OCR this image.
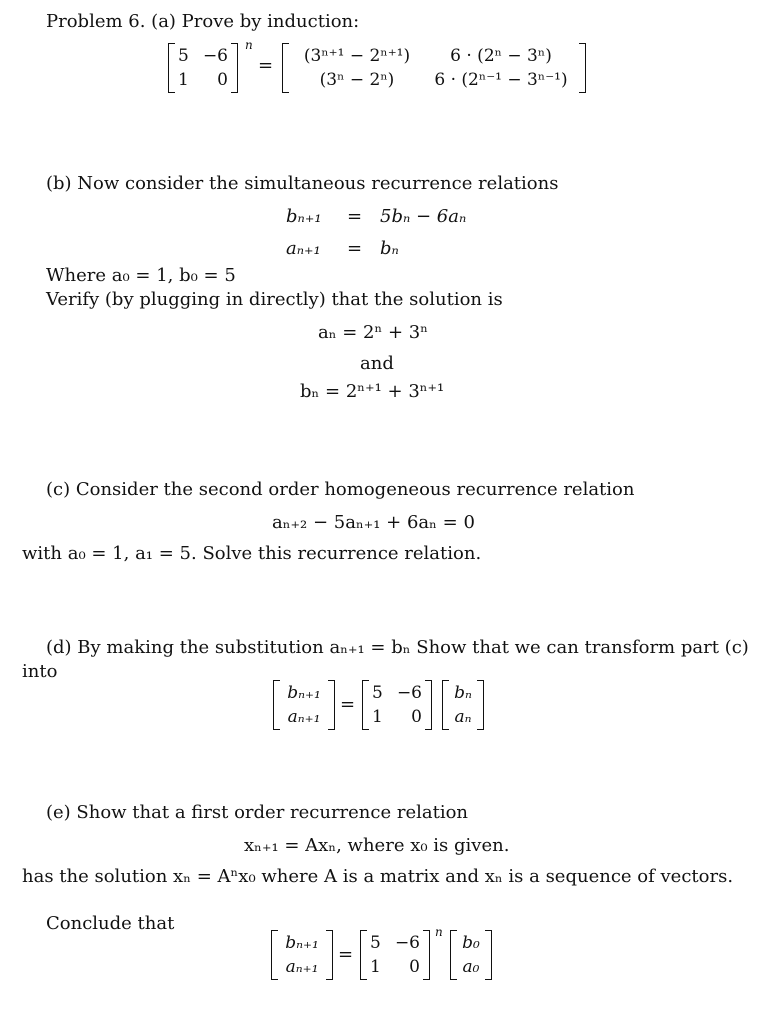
Problem 6. (a) Prove by induction:
5 −6
1	0
n
=	(3ⁿ⁺¹ − 2ⁿ⁺¹)	6 · (2ⁿ − 3ⁿ)
(3ⁿ − 2ⁿ)	6 · (2ⁿ⁻¹ − 3ⁿ⁻¹)
(b) Now consider the simultaneous recurrence relations
bₙ₊₁ = 5bₙ − 6aₙ
aₙ₊₁ = bₙ
Where a₀ = 1, b₀ = 5
Verify (by plugging in directly) that the solution is
aₙ = 2ⁿ + 3ⁿ
and
bₙ = 2ⁿ⁺¹ + 3ⁿ⁺¹
(c) Consider the second order homogeneous recurrence relation
aₙ₊₂ − 5aₙ₊₁ + 6aₙ = 0
with a₀ = 1, a₁ = 5. Solve this recurrence relation.
(d) By making the substitution aₙ₊₁ = bₙ Show that we can transform part (c)
into
bₙ₊₁
aₙ₊₁
=
5 −6
1	0
bₙ
aₙ
(e) Show that a first order recurrence relation
xₙ₊₁ = Axₙ, where x₀ is given.
has the solution xₙ = Aⁿx₀ where A is a matrix and xₙ is a sequence of vectors.
Conclude that
bₙ₊₁
aₙ₊₁
=
5 −6
1	0
n
b₀
a₀
